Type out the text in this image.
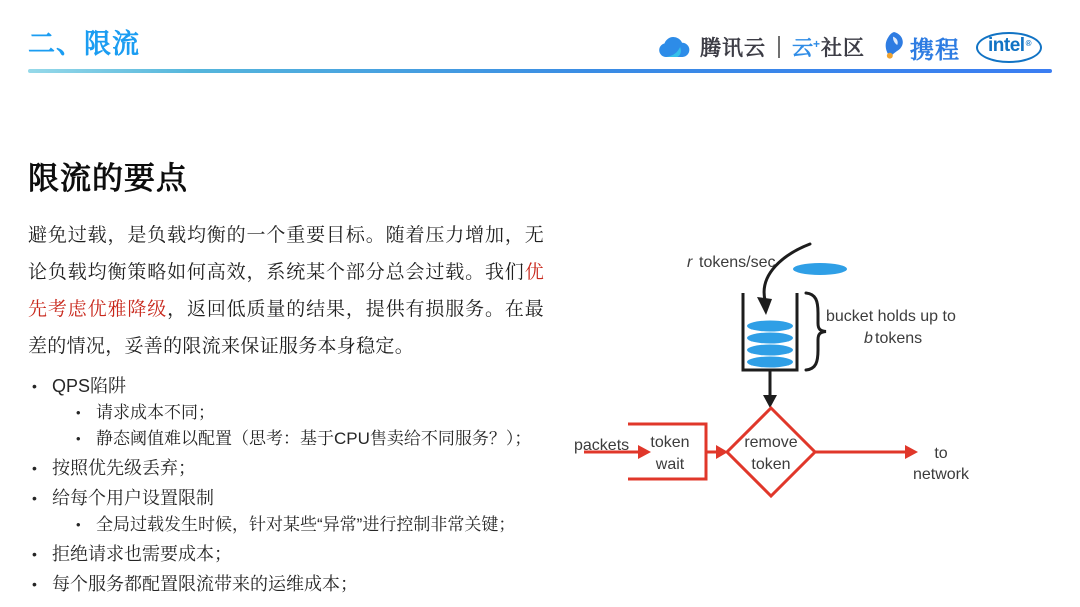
二、限流	腾讯云 云
+ 社区 携程 intel ®
限流的要点

避免过载，是负载均衡的一个重要目标。随着压力增加，无论负载均衡策略如何高效，系统某个部分总会过载。我们优先考虑优雅降级，返回低质量的结果，提供有损服务。在最差的情况，妥善的限流来保证服务本身稳定。

• QPS陷阱
• 请求成本不同；
• 静态阈值难以配置（思考：基于CPU售卖给不同服务？）；
• 按照优先级丢弃；
• 给每个用户设置限制
• 全局过载发生时候，针对某些“异常”进行控制非常关键；
• 拒绝请求也需要成本；
• 每个服务都配置限流带来的运维成本；
r tokens/sec
bucket holds up to
b tokens
packets token
wait
remove
token
to
network
